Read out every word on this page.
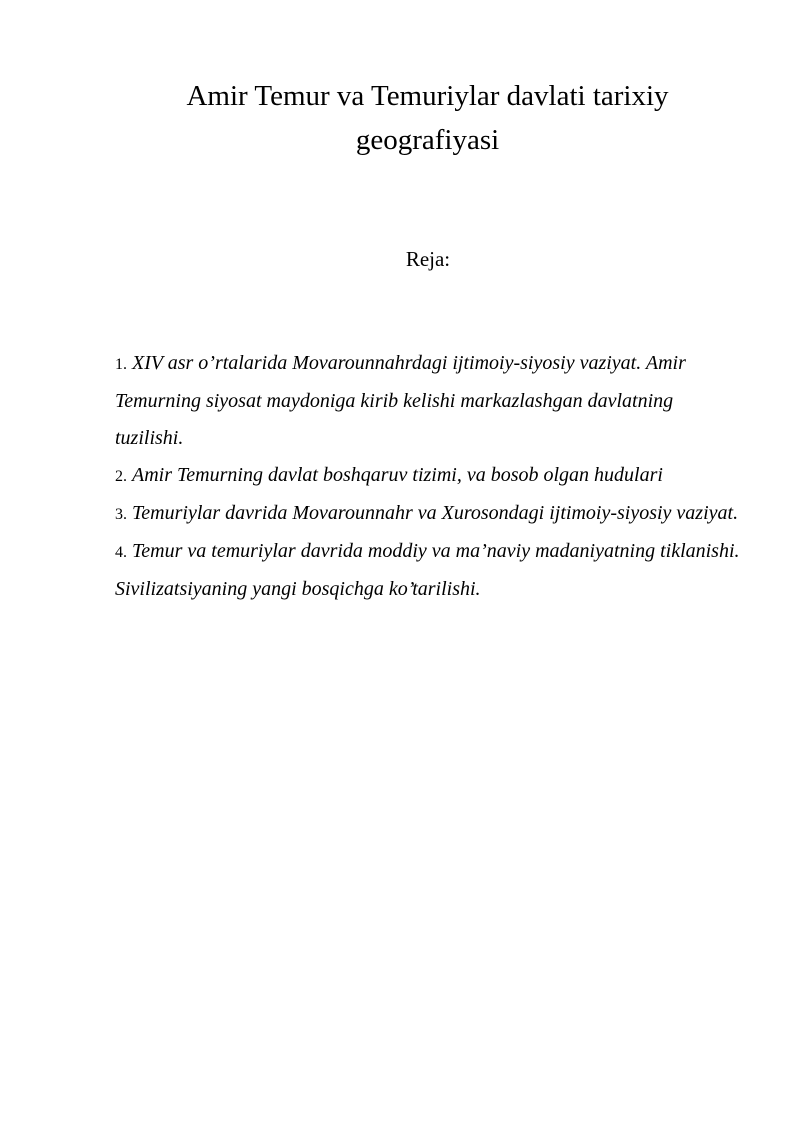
Amir Temur va Temuriylar davlati tarixiy geografiyasi

Reja:

1. XIV asr o’rtalarida Movarounnahrdagi ijtimoiy-siyosiy vaziyat. Amir Temurning siyosat maydoniga kirib kelishi markazlashgan davlatning tuzilishi.
2. Amir Temurning davlat boshqaruv tizimi, va bosob olgan hudulari
3. Temuriylar davrida Movarounnahr va Xurosondagi ijtimoiy-siyosiy vaziyat.
4. Temur va temuriylar davrida moddiy va ma’naviy madaniyatning tiklanishi. Sivilizatsiyaning yangi bosqichga ko’tarilishi.
